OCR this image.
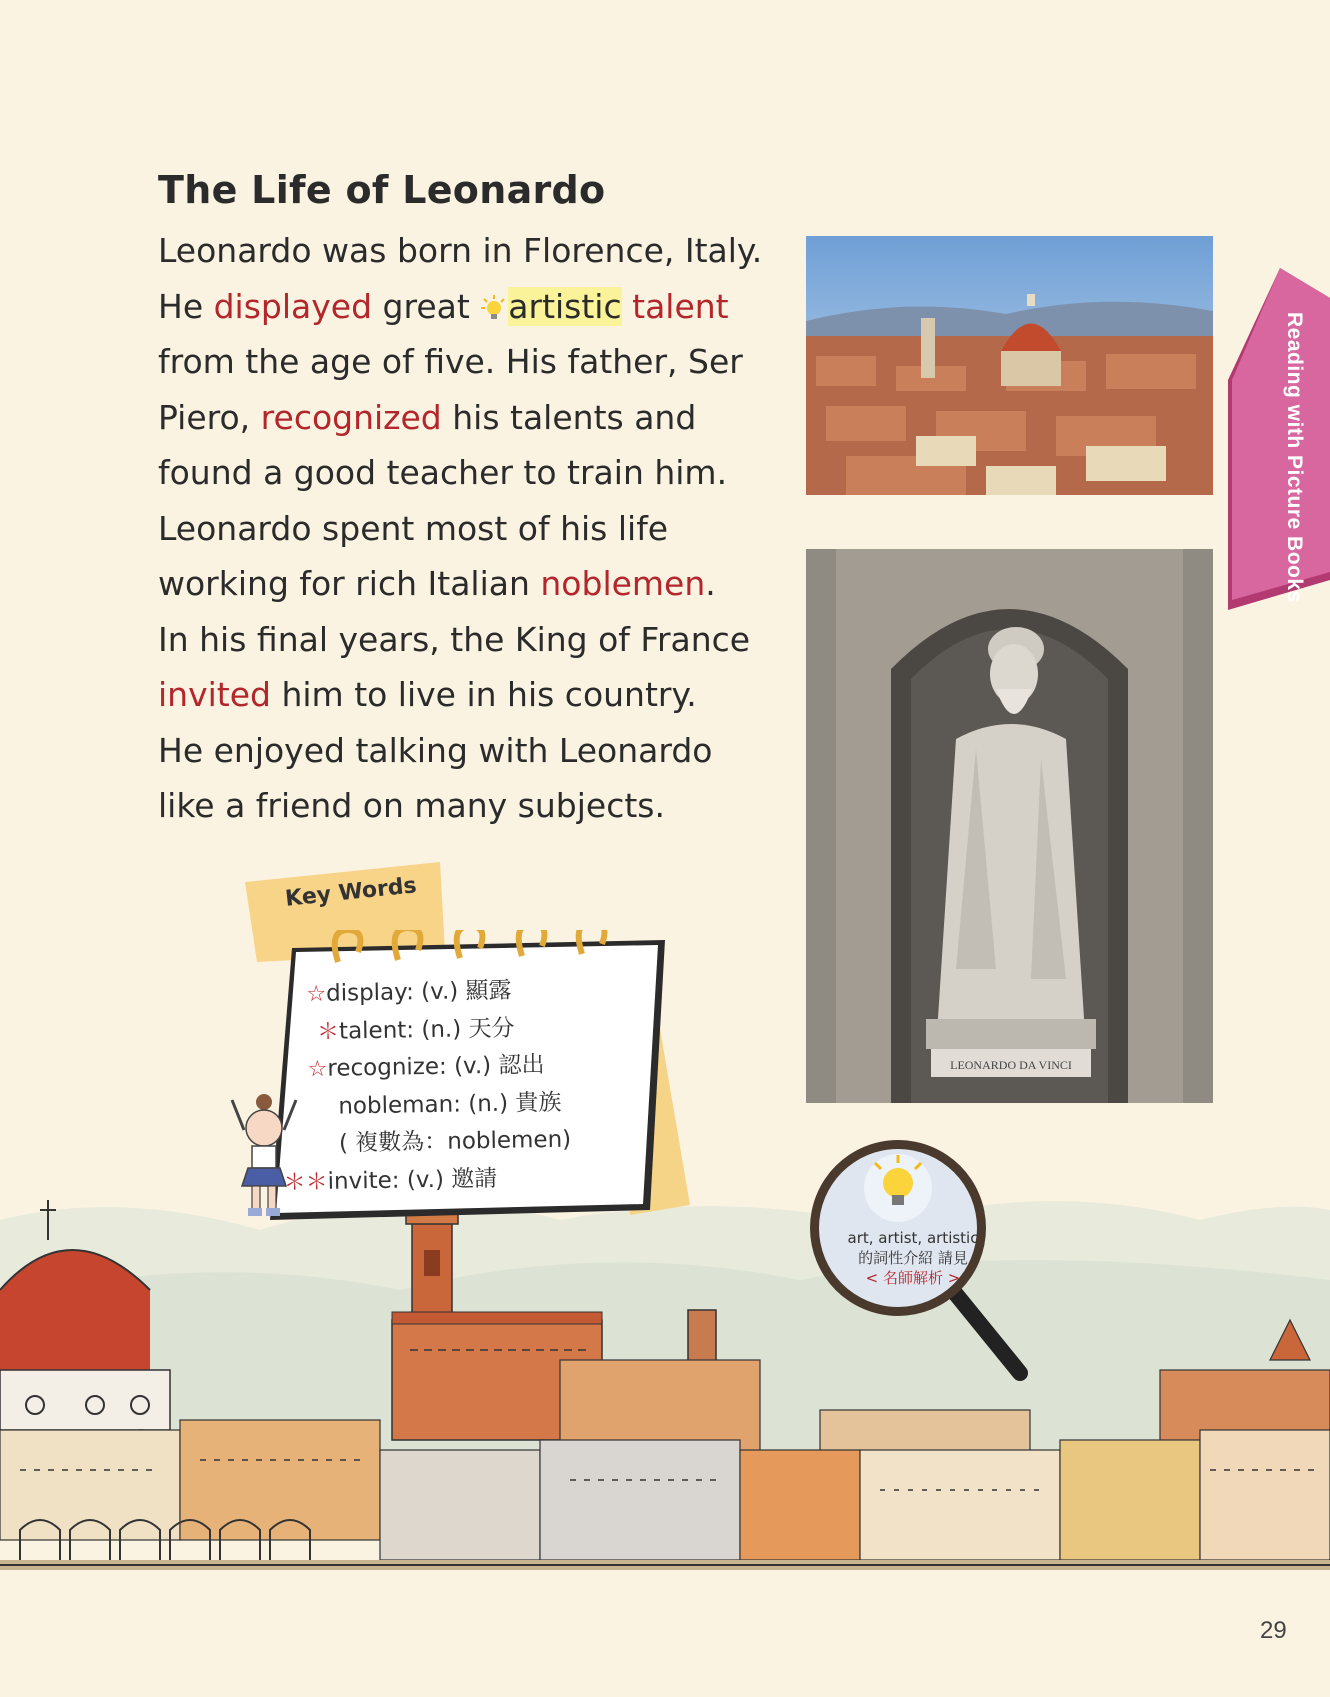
The Life of Leonardo
Leonardo was born in Florence, Italy.
He displayed great artistic talent
from the age of five. His father, Ser
Piero, recognized his talents and
found a good teacher to train him.
Leonardo spent most of his life
working for rich Italian noblemen.
In his final years, the King of France
invited him to live in his country.
He enjoyed talking with Leonardo
like a friend on many subjects.
LEONARDO DA VINCI
Reading with Picture Books
Key Words
☆display: (v.) 顯露
＊talent: (n.) 天分
☆recognize: (v.) 認出
nobleman: (n.) 貴族
( 複數為：noblemen)
＊＊invite: (v.) 邀請
art, artist, artistic
的詞性介紹 請見
< 名師解析 >
29
